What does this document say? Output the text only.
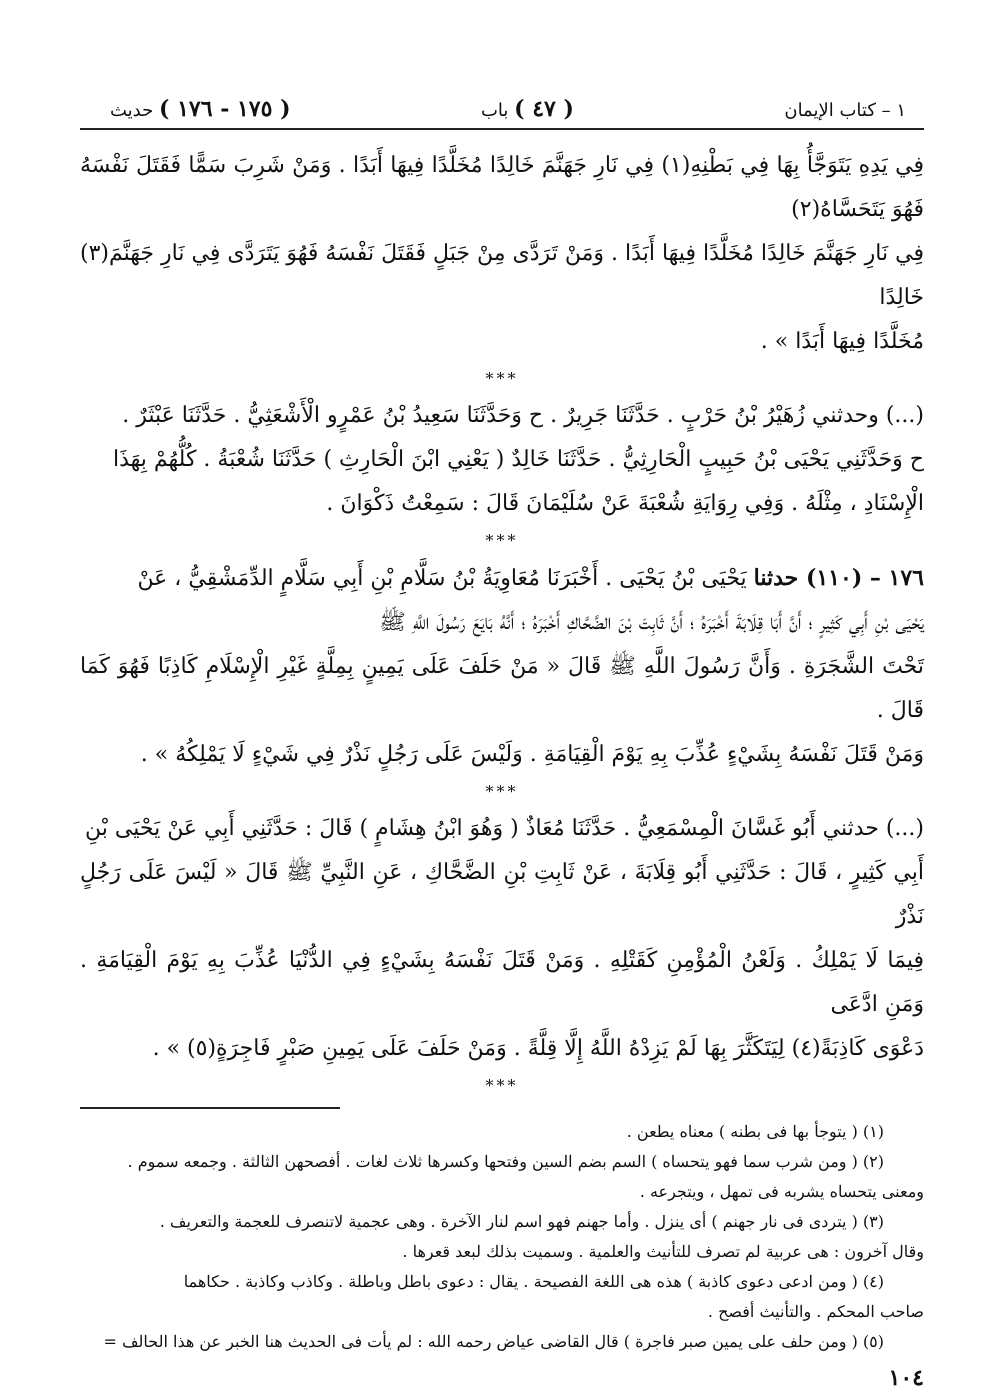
١ – كتاب الإيمان
( ٤٧ ) باب
( ١٧٥ - ١٧٦ ) حديث

فِي يَدِهِ يَتَوَجَّأُ بِهَا فِي بَطْنِهِ(١) فِي نَارِ جَهَنَّمَ خَالِدًا مُخَلَّدًا فِيهَا أَبَدًا . وَمَنْ شَرِبَ سَمًّا فَقَتَلَ نَفْسَهُ فَهُوَ يَتَحَسَّاهُ(٢)

فِي نَارِ جَهَنَّمَ خَالِدًا مُخَلَّدًا فِيهَا أَبَدًا . وَمَنْ تَرَدَّى مِنْ جَبَلٍ فَقَتَلَ نَفْسَهُ فَهُوَ يَتَرَدَّى فِي نَارِ جَهَنَّمَ(٣) خَالِدًا

مُخَلَّدًا فِيهَا أَبَدًا » .

***

(...) وحدثني زُهَيْرُ بْنُ حَرْبٍ . حَدَّثَنَا جَرِيرٌ . ح وَحَدَّثَنَا سَعِيدُ بْنُ عَمْرٍو الْأَشْعَثِيُّ . حَدَّثَنَا عَبْثَرٌ .

ح وَحَدَّثَنِي يَحْيَى بْنُ حَبِيبٍ الْحَارِثِيُّ . حَدَّثَنَا خَالِدٌ ( يَعْنِي ابْنَ الْحَارِثِ ) حَدَّثَنَا شُعْبَةُ . كُلُّهُمْ بِهَذَا

الْإِسْنَادِ ، مِثْلَهُ . وَفِي رِوَايَةِ شُعْبَةَ عَنْ سُلَيْمَانَ قَالَ : سَمِعْتُ ذَكْوَانَ .

***

١٧٦ – (١١٠) حدثنا يَحْيَى بْنُ يَحْيَى . أَخْبَرَنَا مُعَاوِيَةُ بْنُ سَلَّامِ بْنِ أَبِي سَلَّامٍ الدِّمَشْقِيُّ ، عَنْ

يَحْيَى بْنِ أَبِي كَثِيرٍ ؛ أَنَّ أَبَا قِلَابَةَ أَخْبَرَهُ ؛ أَنَّ ثَابِتَ بْنَ الضَّحَّاكِ أَخْبَرَهُ ؛ أَنَّهُ بَايَعَ رَسُولَ اللَّهِ ﷺ

تَحْتَ الشَّجَرَةِ . وَأَنَّ رَسُولَ اللَّهِ ﷺ قَالَ « مَنْ حَلَفَ عَلَى يَمِينٍ بِمِلَّةٍ غَيْرِ الْإِسْلَامِ كَاذِبًا فَهُوَ كَمَا قَالَ .

وَمَنْ قَتَلَ نَفْسَهُ بِشَيْءٍ عُذِّبَ بِهِ يَوْمَ الْقِيَامَةِ . وَلَيْسَ عَلَى رَجُلٍ نَذْرٌ فِي شَيْءٍ لَا يَمْلِكُهُ » .

***

(...) حدثني أَبُو غَسَّانَ الْمِسْمَعِيُّ . حَدَّثَنَا مُعَاذٌ ( وَهُوَ ابْنُ هِشَامٍ ) قَالَ : حَدَّثَنِي أَبِي عَنْ يَحْيَى بْنِ

أَبِي كَثِيرٍ ، قَالَ : حَدَّثَنِي أَبُو قِلَابَةَ ، عَنْ ثَابِتِ بْنِ الضَّحَّاكِ ، عَنِ النَّبِيِّ ﷺ قَالَ « لَيْسَ عَلَى رَجُلٍ نَذْرٌ

فِيمَا لَا يَمْلِكُ . وَلَعْنُ الْمُؤْمِنِ كَقَتْلِهِ . وَمَنْ قَتَلَ نَفْسَهُ بِشَيْءٍ فِي الدُّنْيَا عُذِّبَ بِهِ يَوْمَ الْقِيَامَةِ . وَمَنِ ادَّعَى

دَعْوَى كَاذِبَةً(٤) لِيَتَكَثَّرَ بِهَا لَمْ يَزِدْهُ اللَّهُ إِلَّا قِلَّةً . وَمَنْ حَلَفَ عَلَى يَمِينِ صَبْرٍ فَاجِرَةٍ(٥) » .

***

(١) ( يتوجأ بها فى بطنه ) معناه يطعن .

(٢) ( ومن شرب سما فهو يتحساه ) السم بضم السين وفتحها وكسرها ثلاث لغات . أفصحهن الثالثة . وجمعه سموم .

ومعنى يتحساه يشربه فى تمهل ، ويتجرعه .

(٣) ( يتردى فى نار جهنم ) أى ينزل . وأما جهنم فهو اسم لنار الآخرة . وهى عجمية لاتنصرف للعجمة والتعريف .

وقال آخرون : هى عربية لم تصرف للتأنيث والعلمية . وسميت بذلك لبعد قعرها .

(٤) ( ومن ادعى دعوى كاذبة ) هذه هى اللغة الفصيحة . يقال : دعوى باطل وباطلة . وكاذب وكاذبة . حكاهما

صاحب المحكم . والتأنيث أفصح .

(٥) ( ومن حلف على يمين صبر فاجرة ) قال القاضى عياض رحمه الله : لم يأت فى الحديث هنا الخبر عن هذا الحالف =

١٠٤
